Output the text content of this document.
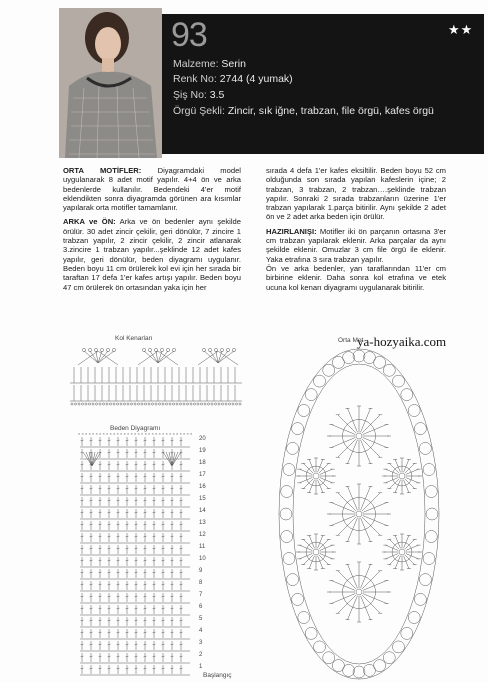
93	★★
Malzeme: Serin
Renk No: 2744 (4 yumak)
Şiş No: 3.5
Örgü Şekli: Zincir, sık iğne, trabzan, file örgü, kafes örgü

ORTA MOTİFLER: Diyagramdaki model uygulanarak 8 adet motif yapılır. 4+4 ön ve arka bedenlerde kullanılır. Bedendeki 4'er motif eklendikten sonra diyagramda görünen ara kısımlar yapılarak orta motifler tamamlanır.

ARKA ve ÖN: Arka ve ön bedenler aynı şekilde örülür. 30 adet zincir çekilir, geri dönülür, 7 zincire 1 trabzan yapılır, 2 zincir çekilir, 2 zincir atlanarak 3.zincire 1 trabzan yapılır...şeklinde 12 adet kafes yapılır, geri dönülür, beden diyagramı uygulanır. Beden boyu 11 cm örülerek kol evi için her sırada bir taraftan 17 defa 1'er kafes artışı yapılır. Beden boyu 47 cm örülerek ön ortasından yaka için her

sırada 4 defa 1'er kafes eksiltilir. Beden boyu 52 cm olduğunda son sırada yapılan kafeslerin içine; 2 trabzan, 3 trabzan, 2 trabzan….şeklinde trabzan yapılır. Sonraki 2 sırada trabzanların üzerine 1'er trabzan yapılarak 1.parça bitirilir. Aynı şekilde 2 adet ön ve 2 adet arka beden için örülür.

HAZIRLANIŞI: Motifler iki ön parçanın ortasına 3'er cm trabzan yapılarak eklenir. Arka parçalar da aynı şekilde eklenir. Omuzlar 3 cm file örgü ile eklenir. Yaka etrafına 3 sıra trabzan yapılır.

Ön ve arka bedenler, yan taraflarından 11'er cm birbirine eklenir. Daha sonra kol etrafına ve etek ucuna kol kenarı diyagramı uygulanarak bitirilir.

ya-hozyaika.com
Kol Kenarları
Beden Diyagramı
× × × × × × × × × × × × × × × × × × × × × × × × × × × × × × × × ×
20
19
18
17
16
15
14
13
12
11
10
9
8
7
6
5
4
3
2
1
Başlangıç
Orta Mot
